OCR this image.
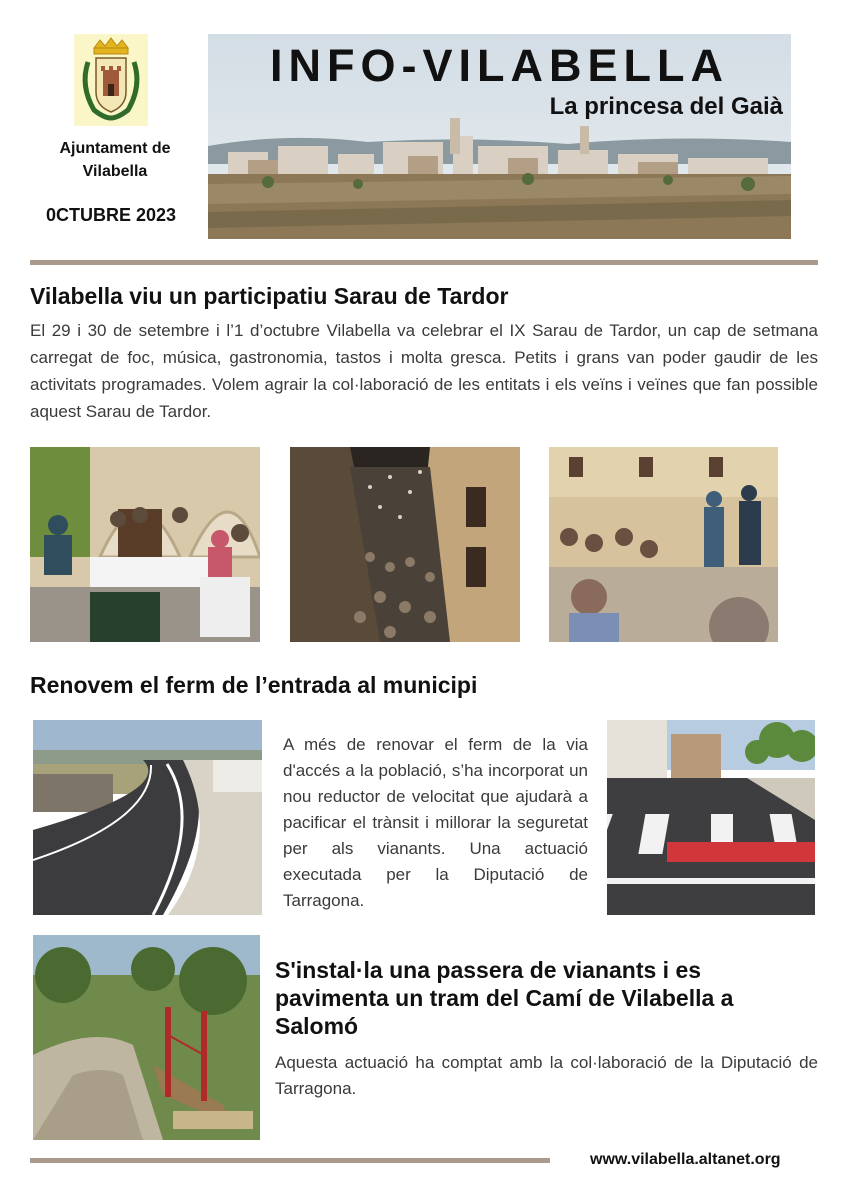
Ajuntament de
Vilabella
0CTUBRE 2023
INFO-VILABELLA
La princesa del Gaià
Vilabella viu un participatiu Sarau de Tardor

El 29 i 30 de setembre i l’1 d’octubre Vilabella va celebrar el IX Sarau de Tardor, un cap de setmana carregat de foc, música, gastronomia, tastos i molta gresca. Petits i grans van poder gaudir de les activitats programades. Volem agrair la col·laboració de les entitats i els veïns i veïnes que fan possible aquest Sarau de Tardor.

Renovem el ferm de l’entrada al municipi

A més de renovar el ferm de la via d'accés a la població, s’ha incorporat un nou reductor de velocitat que ajudarà a pacificar el trànsit i millorar la seguretat per als vianants. Una actuació executada per la Diputació de Tarragona.

S'instal·la una passera de vianants i es pavimenta un tram del Camí de Vilabella a Salomó

Aquesta actuació ha comptat amb la col·laboració de la Diputació de Tarragona.

www.vilabella.altanet.org
